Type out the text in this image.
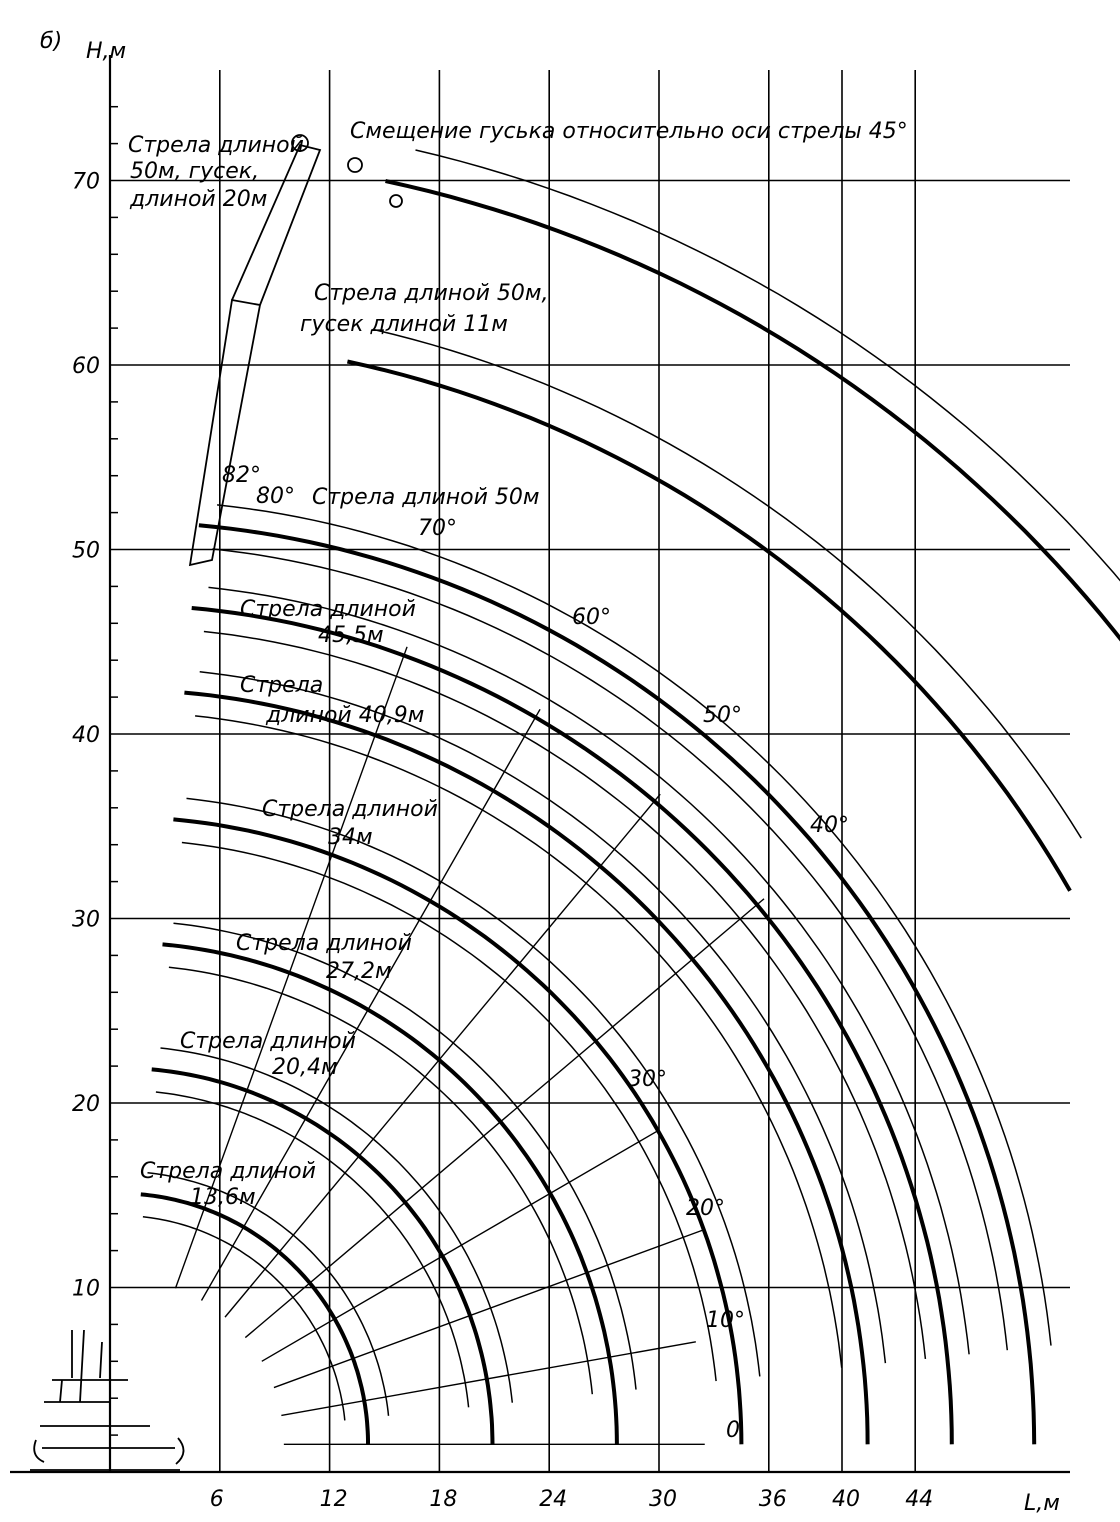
б) Н,м
L,м
Смещение гуська относительно оси стрелы 45°
6	12	18	24	30	36 40 44
10
20
30
40
50
60
70
0
10°
20°
30°
40°
50°
60°
70°
80°
82°
Стрела длиной
13,6м
Стрела длиной
20,4м
Стрела длиной
27,2м
Стрела длиной
34м
Стрела
длиной 40,9м
Стрела длиной
45,5м
Стрела длиной 50м
Стрела длиной 50м,
гусек длиной 11м
Стрела длиной
50м, гусек,
длиной 20м
